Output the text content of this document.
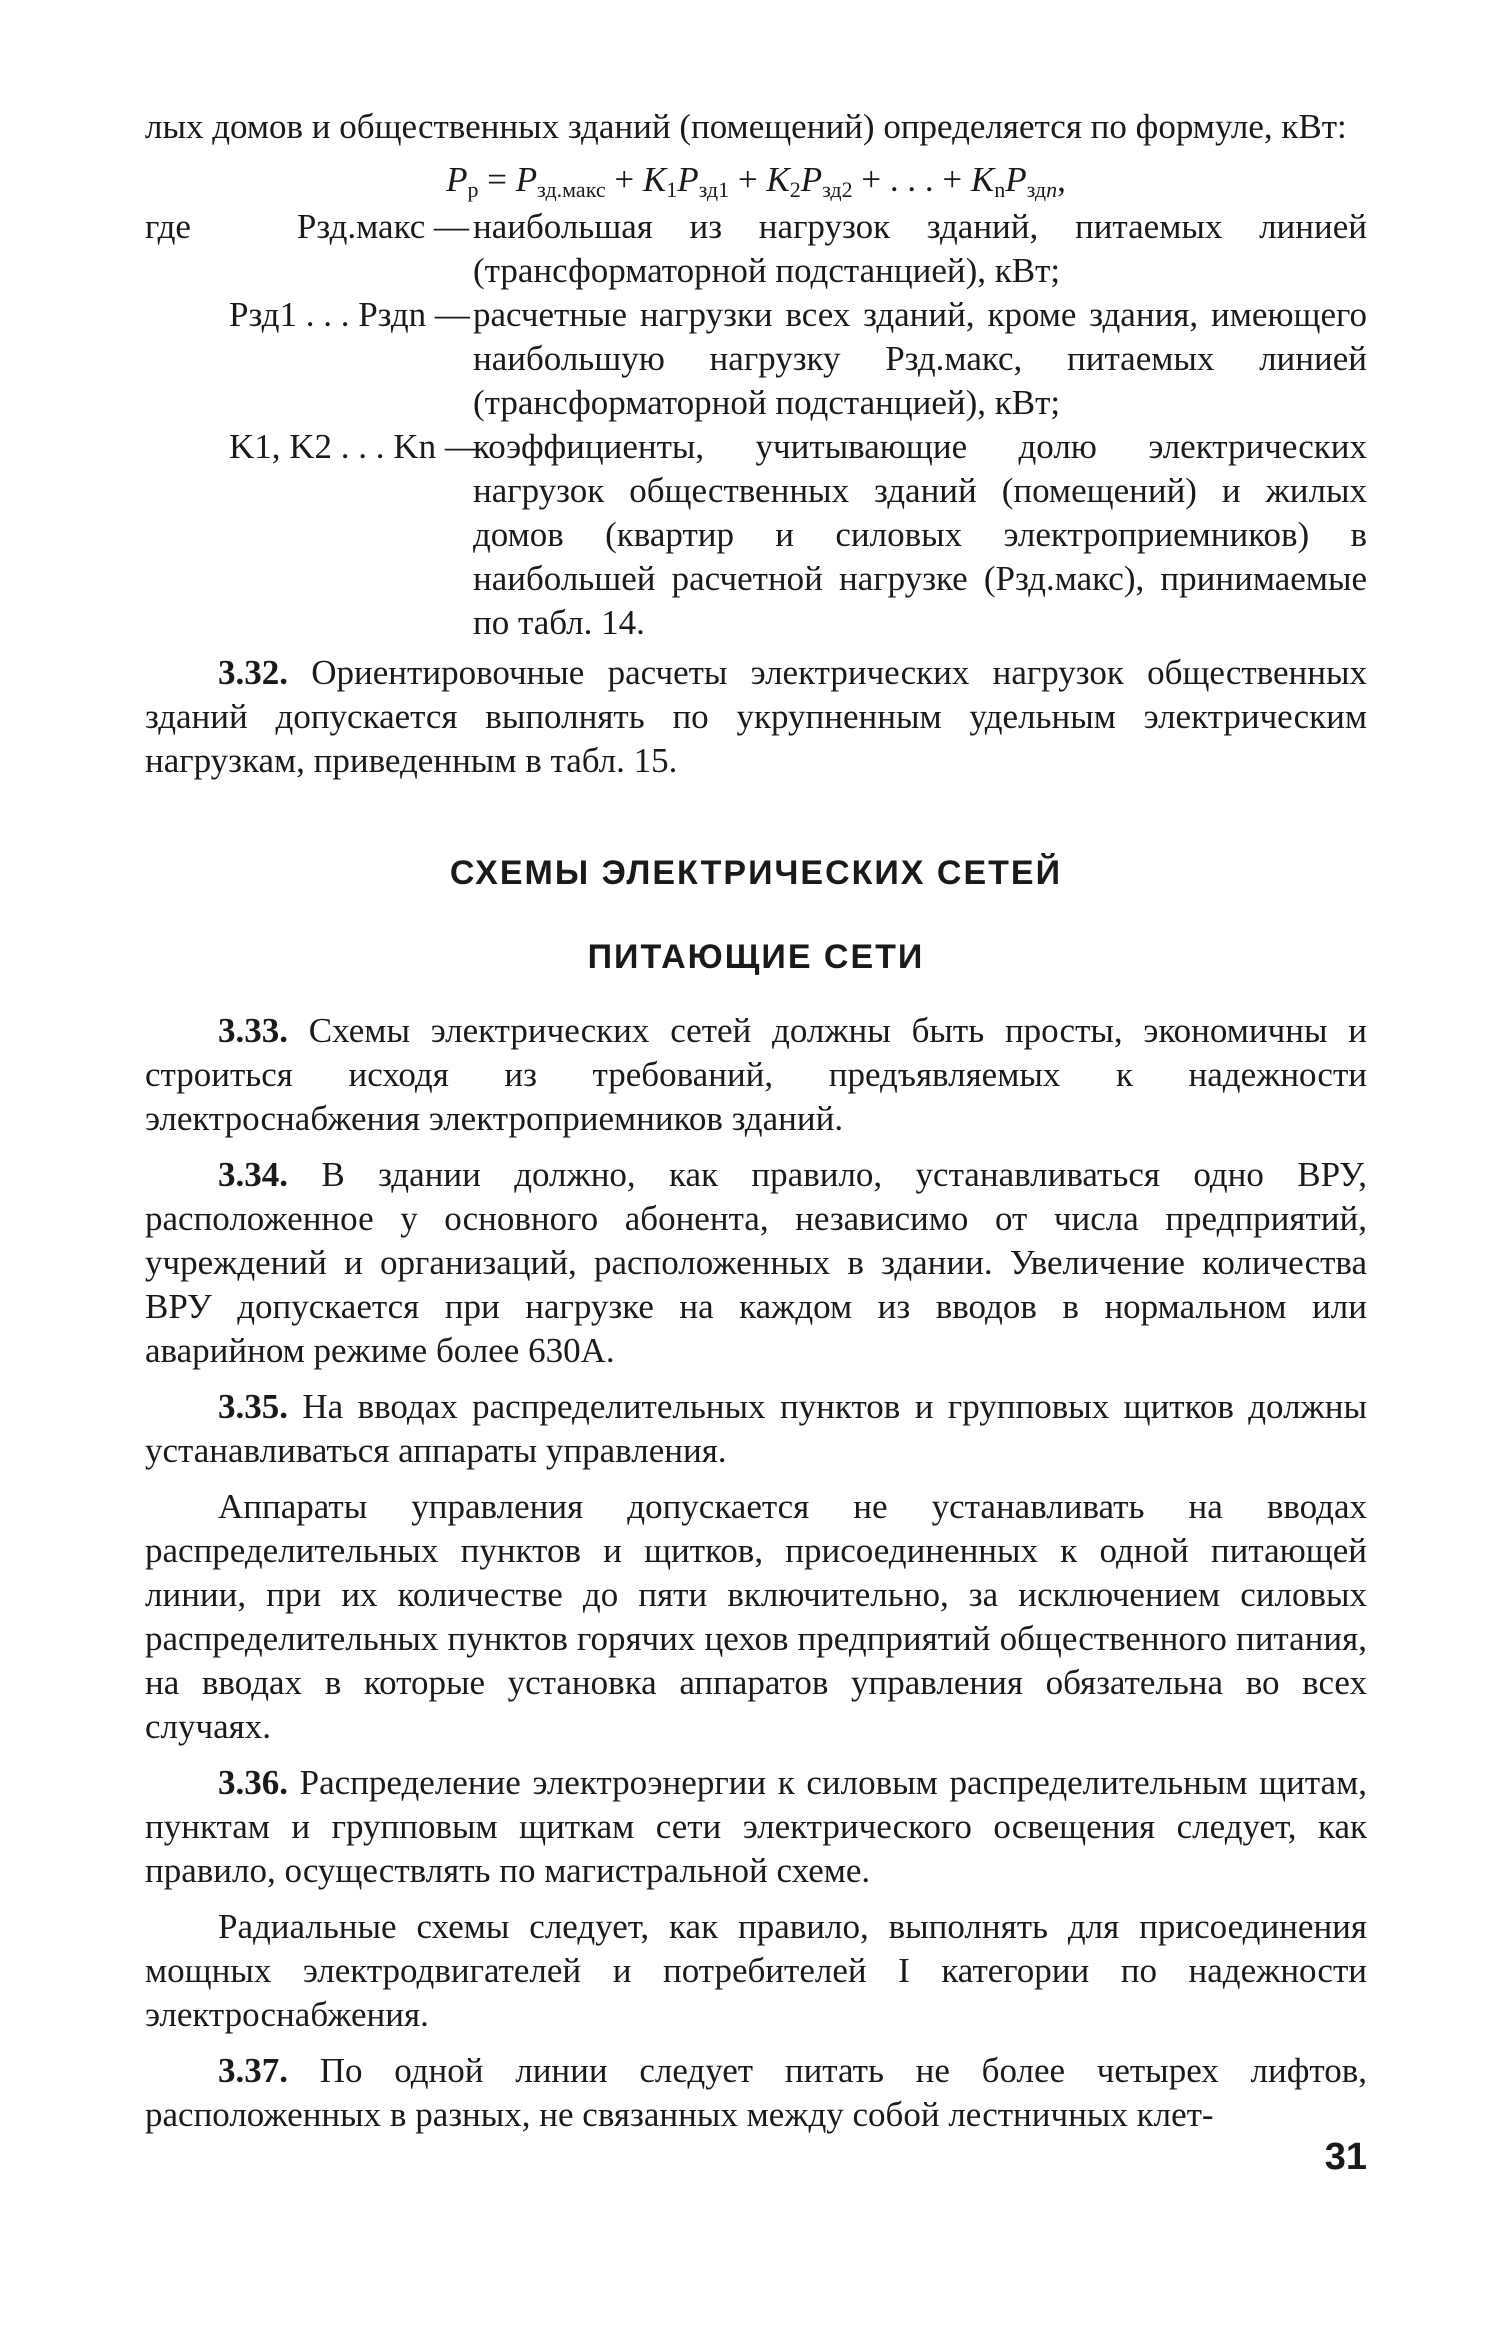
лых домов и общественных зданий (помещений) определяется по формуле, кВт:

$P_р = P_{зд.макс} + K_1P_{зд1} + K_2P_{зд2}$ + . . . + $K_nP_{здn}$,
где	Pзд.макс — наибольшая из нагрузок зданий, питаемых линией (трансформаторной подстанцией), кВт;
Pзд1 . . . Pздn — расчетные нагрузки всех зданий, кроме здания, имеющего наибольшую нагрузку Pзд.макс, питаемых линией (трансформаторной подстанцией), кВт;
K1, K2 . . . Kn —
коэффициенты, учитывающие долю электрических нагрузок общественных зданий (помещений) и жилых домов (квартир и силовых электроприемников) в наибольшей расчетной нагрузке (Pзд.макс), принимаемые по табл. 14.

3.32. Ориентировочные расчеты электрических нагрузок общественных зданий допускается выполнять по укрупненным удельным электрическим нагрузкам, приведенным в табл. 15.

СХЕМЫ ЭЛЕКТРИЧЕСКИХ СЕТЕЙ
ПИТАЮЩИЕ СЕТИ

3.33. Схемы электрических сетей должны быть просты, экономичны и строиться исходя из требований, предъявляемых к надежности электроснабжения электроприемников зданий.

3.34. В здании должно, как правило, устанавливаться одно ВРУ, расположенное у основного абонента, независимо от числа предприятий, учреждений и организаций, расположенных в здании. Увеличение количества ВРУ допускается при нагрузке на каждом из вводов в нормальном или аварийном режиме более 630А.

3.35. На вводах распределительных пунктов и групповых щитков должны устанавливаться аппараты управления.

Аппараты управления допускается не устанавливать на вводах распределительных пунктов и щитков, присоединенных к одной питающей линии, при их количестве до пяти включительно, за исключением силовых распределительных пунктов горячих цехов предприятий общественного питания, на вводах в которые установка аппаратов управления обязательна во всех случаях.

3.36. Распределение электроэнергии к силовым распределительным щитам, пунктам и групповым щиткам сети электрического освещения следует, как правило, осуществлять по магистральной схеме.

Радиальные схемы следует, как правило, выполнять для присоединения мощных электродвигателей и потребителей I категории по надежности электроснабжения.

3.37. По одной линии следует питать не более четырех лифтов, расположенных в разных, не связанных между собой лестничных клет-

31
